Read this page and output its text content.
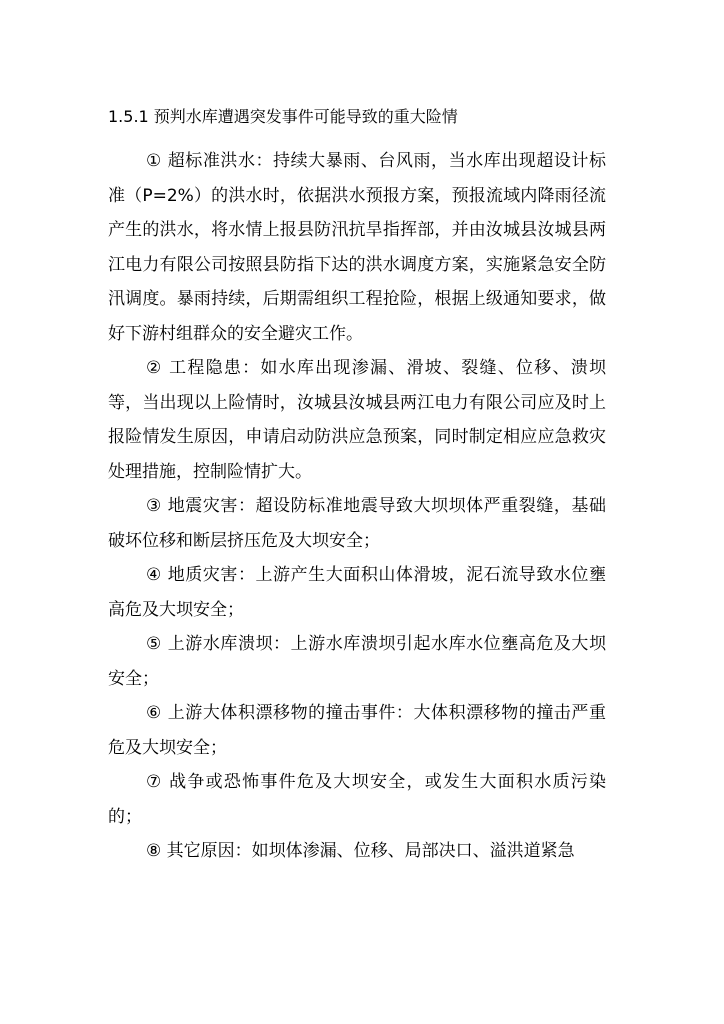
1.5.1 预判水库遭遇突发事件可能导致的重大险情

① 超标准洪水：持续大暴雨、台风雨，当水库出现超设计标准（P=2%）的洪水时，依据洪水预报方案，预报流域内降雨径流产生的洪水，将水情上报县防汛抗旱指挥部，并由汝城县汝城县两江电力有限公司按照县防指下达的洪水调度方案，实施紧急安全防汛调度。暴雨持续，后期需组织工程抢险，根据上级通知要求，做好下游村组群众的安全避灾工作。

② 工程隐患：如水库出现渗漏、滑坡、裂缝、位移、溃坝等，当出现以上险情时，汝城县汝城县两江电力有限公司应及时上报险情发生原因，申请启动防洪应急预案，同时制定相应应急救灾处理措施，控制险情扩大。

③ 地震灾害：超设防标准地震导致大坝坝体严重裂缝，基础破坏位移和断层挤压危及大坝安全；

④ 地质灾害：上游产生大面积山体滑坡，泥石流导致水位壅高危及大坝安全；

⑤ 上游水库溃坝：上游水库溃坝引起水库水位壅高危及大坝安全；

⑥ 上游大体积漂移物的撞击事件：大体积漂移物的撞击严重危及大坝安全；

⑦ 战争或恐怖事件危及大坝安全，或发生大面积水质污染的；

⑧ 其它原因：如坝体渗漏、位移、局部决口、溢洪道紧急
